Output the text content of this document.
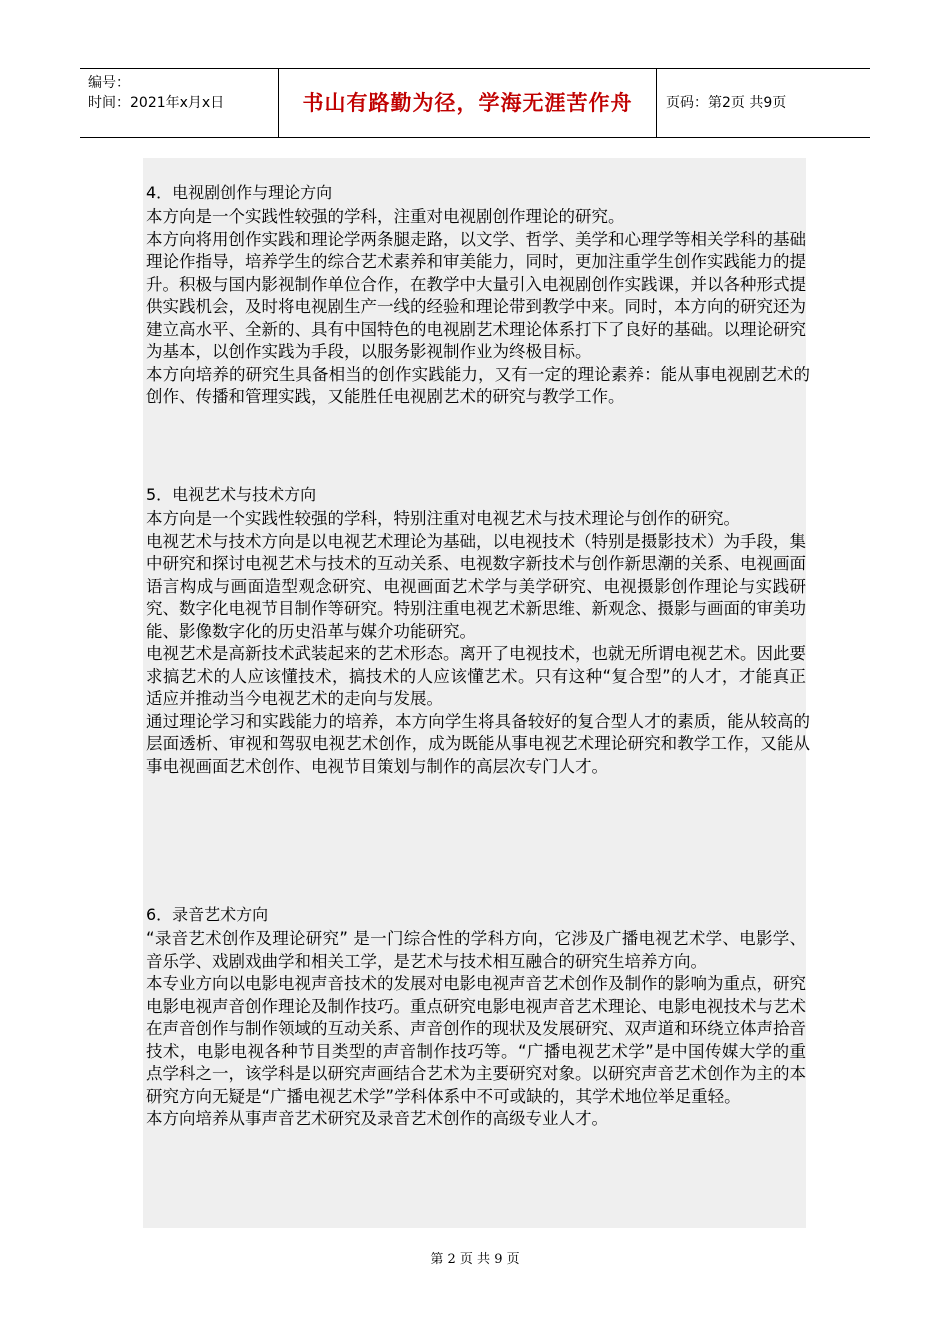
编号：
时间：2021年x月x日	书山有路勤为径，学海无涯苦作舟	页码：第2页 共9页
4．电视剧创作与理论方向

本方向是一个实践性较强的学科，注重对电视剧创作理论的研究。

本方向将用创作实践和理论学两条腿走路，以文学、哲学、美学和心理学等相关学科的基础理论作指导，培养学生的综合艺术素养和审美能力，同时，更加注重学生创作实践能力的提升。积极与国内影视制作单位合作，在教学中大量引入电视剧创作实践课，并以各种形式提供实践机会，及时将电视剧生产一线的经验和理论带到教学中来。同时，本方向的研究还为建立高水平、全新的、具有中国特色的电视剧艺术理论体系打下了良好的基础。以理论研究为基本，以创作实践为手段，以服务影视制作业为终极目标。

本方向培养的研究生具备相当的创作实践能力，又有一定的理论素养：能从事电视剧艺术的创作、传播和管理实践，又能胜任电视剧艺术的研究与教学工作。

5．电视艺术与技术方向

本方向是一个实践性较强的学科，特别注重对电视艺术与技术理论与创作的研究。

电视艺术与技术方向是以电视艺术理论为基础，以电视技术（特别是摄影技术）为手段，集中研究和探讨电视艺术与技术的互动关系、电视数字新技术与创作新思潮的关系、电视画面语言构成与画面造型观念研究、电视画面艺术学与美学研究、电视摄影创作理论与实践研究、数字化电视节目制作等研究。特别注重电视艺术新思维、新观念、摄影与画面的审美功能、影像数字化的历史沿革与媒介功能研究。

电视艺术是高新技术武装起来的艺术形态。离开了电视技术，也就无所谓电视艺术。因此要求搞艺术的人应该懂技术，搞技术的人应该懂艺术。只有这种“复合型”的人才，才能真正适应并推动当今电视艺术的走向与发展。

通过理论学习和实践能力的培养，本方向学生将具备较好的复合型人才的素质，能从较高的层面透析、审视和驾驭电视艺术创作，成为既能从事电视艺术理论研究和教学工作，又能从事电视画面艺术创作、电视节目策划与制作的高层次专门人才。

6．录音艺术方向

“录音艺术创作及理论研究” 是一门综合性的学科方向，它涉及广播电视艺术学、电影学、音乐学、戏剧戏曲学和相关工学，是艺术与技术相互融合的研究生培养方向。

本专业方向以电影电视声音技术的发展对电影电视声音艺术创作及制作的影响为重点，研究电影电视声音创作理论及制作技巧。重点研究电影电视声音艺术理论、电影电视技术与艺术在声音创作与制作领域的互动关系、声音创作的现状及发展研究、双声道和环绕立体声拾音技术，电影电视各种节目类型的声音制作技巧等。“广播电视艺术学”是中国传媒大学的重点学科之一，该学科是以研究声画结合艺术为主要研究对象。以研究声音艺术创作为主的本研究方向无疑是“广播电视艺术学”学科体系中不可或缺的，其学术地位举足重轻。

本方向培养从事声音艺术研究及录音艺术创作的高级专业人才。

第 2 页 共 9 页
